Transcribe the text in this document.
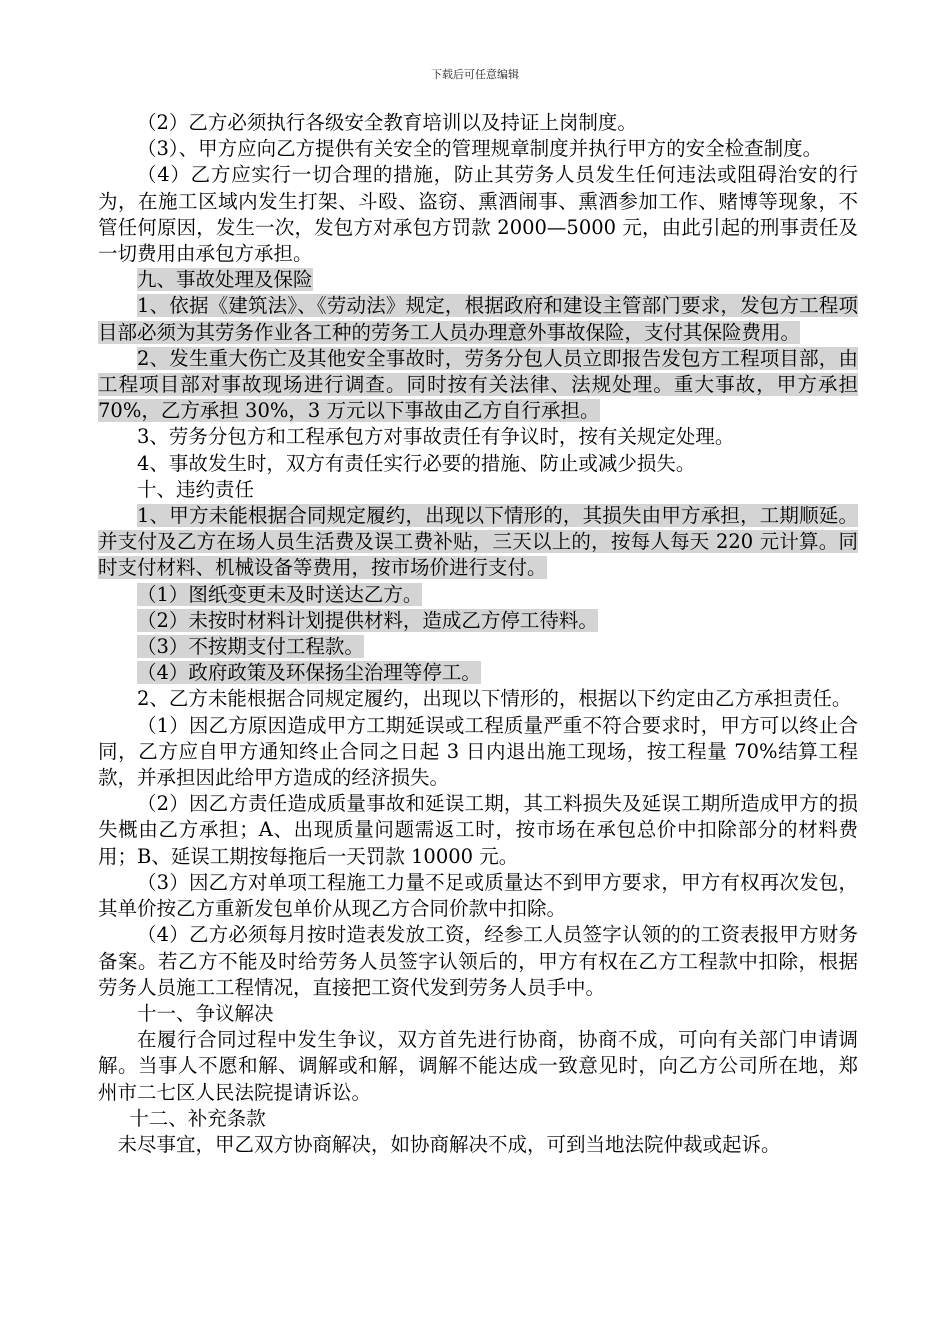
下载后可任意编辑

（2）乙方必须执行各级安全教育培训以及持证上岗制度。

（3）、甲方应向乙方提供有关安全的管理规章制度并执行甲方的安全检查制度。

（4）乙方应实行一切合理的措施，防止其劳务人员发生任何违法或阻碍治安的行为，在施工区域内发生打架、斗殴、盗窃、熏酒闹事、熏酒参加工作、赌博等现象，不管任何原因，发生一次，发包方对承包方罚款 2000—5000 元，由此引起的刑事责任及一切费用由承包方承担。

九、事故处理及保险

1、依据《建筑法》、《劳动法》规定，根据政府和建设主管部门要求，发包方工程项目部必须为其劳务作业各工种的劳务工人员办理意外事故保险，支付其保险费用。

2、发生重大伤亡及其他安全事故时，劳务分包人员立即报告发包方工程项目部，由工程项目部对事故现场进行调查。同时按有关法律、法规处理。重大事故，甲方承担 70%，乙方承担 30%，3 万元以下事故由乙方自行承担。

3、劳务分包方和工程承包方对事故责任有争议时，按有关规定处理。

4、事故发生时，双方有责任实行必要的措施、防止或减少损失。

十、违约责任

1、甲方未能根据合同规定履约，出现以下情形的，其损失由甲方承担，工期顺延。并支付及乙方在场人员生活费及误工费补贴，三天以上的，按每人每天 220 元计算。同时支付材料、机械设备等费用，按市场价进行支付。

（1）图纸变更未及时送达乙方。

（2）未按时材料计划提供材料，造成乙方停工待料。

（3）不按期支付工程款。

（4）政府政策及环保扬尘治理等停工。

2、乙方未能根据合同规定履约，出现以下情形的，根据以下约定由乙方承担责任。

（1）因乙方原因造成甲方工期延误或工程质量严重不符合要求时，甲方可以终止合同，乙方应自甲方通知终止合同之日起 3 日内退出施工现场，按工程量 70%结算工程款，并承担因此给甲方造成的经济损失。

（2）因乙方责任造成质量事故和延误工期，其工料损失及延误工期所造成甲方的损失概由乙方承担；A、出现质量问题需返工时，按市场在承包总价中扣除部分的材料费用；B、延误工期按每拖后一天罚款 10000 元。

（3）因乙方对单项工程施工力量不足或质量达不到甲方要求，甲方有权再次发包，其单价按乙方重新发包单价从现乙方合同价款中扣除。

（4）乙方必须每月按时造表发放工资，经参工人员签字认领的的工资表报甲方财务备案。若乙方不能及时给劳务人员签字认领后的，甲方有权在乙方工程款中扣除，根据劳务人员施工工程情况，直接把工资代发到劳务人员手中。

十一、争议解决

在履行合同过程中发生争议，双方首先进行协商，协商不成，可向有关部门申请调解。当事人不愿和解、调解或和解，调解不能达成一致意见时，向乙方公司所在地，郑州市二七区人民法院提请诉讼。

十二、补充条款

未尽事宜，甲乙双方协商解决，如协商解决不成，可到当地法院仲裁或起诉。
